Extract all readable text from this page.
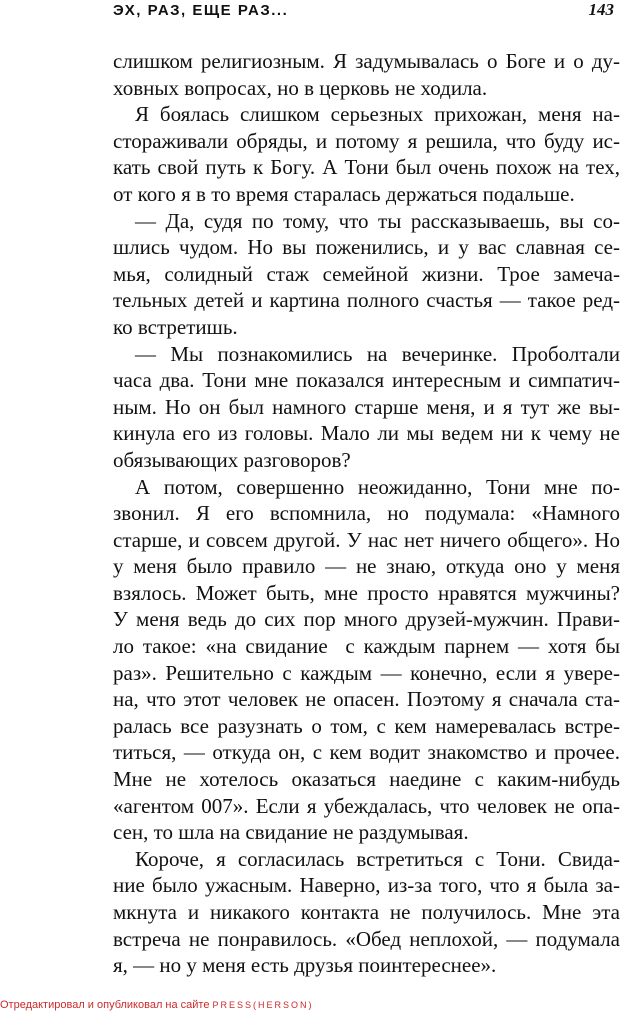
ЭХ, РАЗ, ЕЩЕ РАЗ...	143
слишком религиозным. Я задумывалась о Боге и о ду-
ховных вопросах, но в церковь не ходила.
Я боялась слишком серьезных прихожан, меня на-
стораживали обряды, и потому я решила, что буду ис-
кать свой путь к Богу. А Тони был очень похож на тех,
от кого я в то время старалась держаться подальше.
— Да, судя по тому, что ты рассказываешь, вы со-
шлись чудом. Но вы поженились, и у вас славная се-
мья, солидный стаж семейной жизни. Трое замеча-
тельных детей и картина полного счастья — такое ред-
ко встретишь.
— Мы познакомились на вечеринке. Проболтали
часа два. Тони мне показался интересным и симпатич-
ным. Но он был намного старше меня, и я тут же вы-
кинула его из головы. Мало ли мы ведем ни к чему не
обязывающих разговоров?
А потом, совершенно неожиданно, Тони мне по-
звонил. Я его вспомнила, но подумала: «Намного
старше, и совсем другой. У нас нет ничего общего». Но
у меня было правило — не знаю, откуда оно у меня
взялось. Может быть, мне просто нравятся мужчины?
У меня ведь до сих пор много друзей-мужчин. Прави-
ло такое: «на свидание  с каждым парнем — хотя бы
раз». Решительно с каждым — конечно, если я увере-
на, что этот человек не опасен. Поэтому я сначала ста-
ралась все разузнать о том, с кем намеревалась встре-
титься, — откуда он, с кем водит знакомство и прочее.
Мне не хотелось оказаться наедине с каким-нибудь
«агентом 007». Если я убеждалась, что человек не опа-
сен, то шла на свидание не раздумывая.
Короче, я согласилась встретиться с Тони. Свида-
ние было ужасным. Наверно, из-за того, что я была за-
мкнута и никакого контакта не получилось. Мне эта
встреча не понравилось. «Обед неплохой, — подумала
я, — но у меня есть друзья поинтереснее».
Отредактировал и опубликовал на сайте PRESS(HERSON)
